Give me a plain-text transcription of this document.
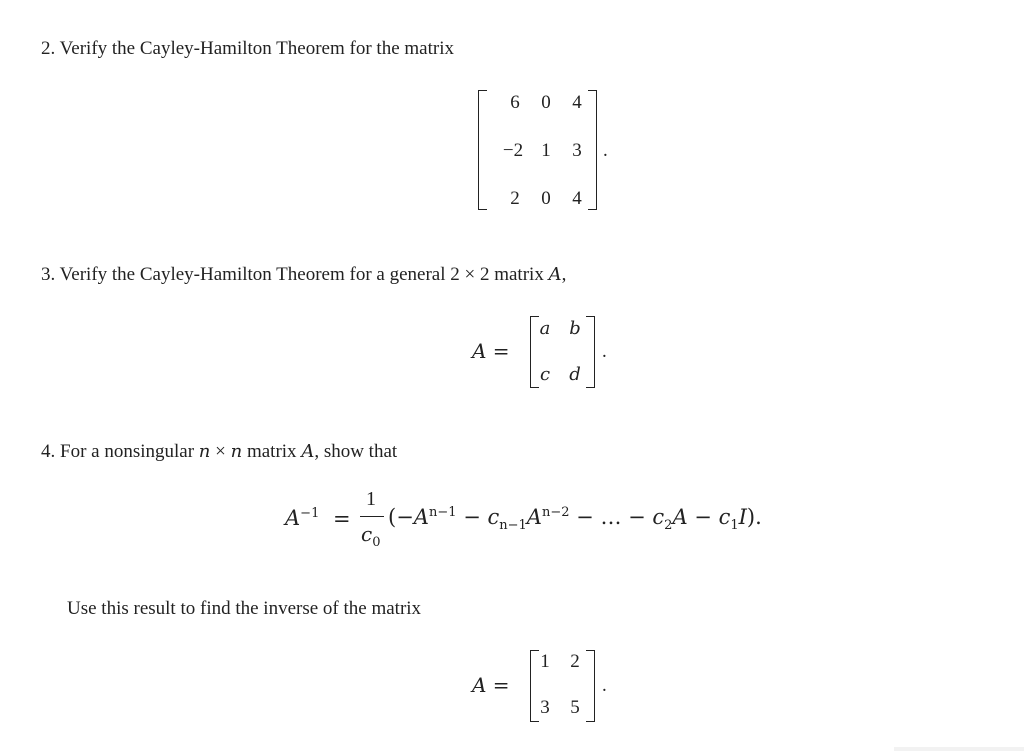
2. Verify the Cayley-Hamilton Theorem for the matrix
6	0	4
−2 1	3
2	0	4
.
3. Verify the Cayley-Hamilton Theorem for a general 2 × 2 matrix A,
A =
a	b
c	d
.
4. For a nonsingular n × n matrix A, show that
$A^{-1}$ =
1
$c_0$
($-A^{n-1} - c_{n-1}A^{n-2}$ − … − $c_2A - c_1I$).
Use this result to find the inverse of the matrix
A =
1	2
3	5
.
